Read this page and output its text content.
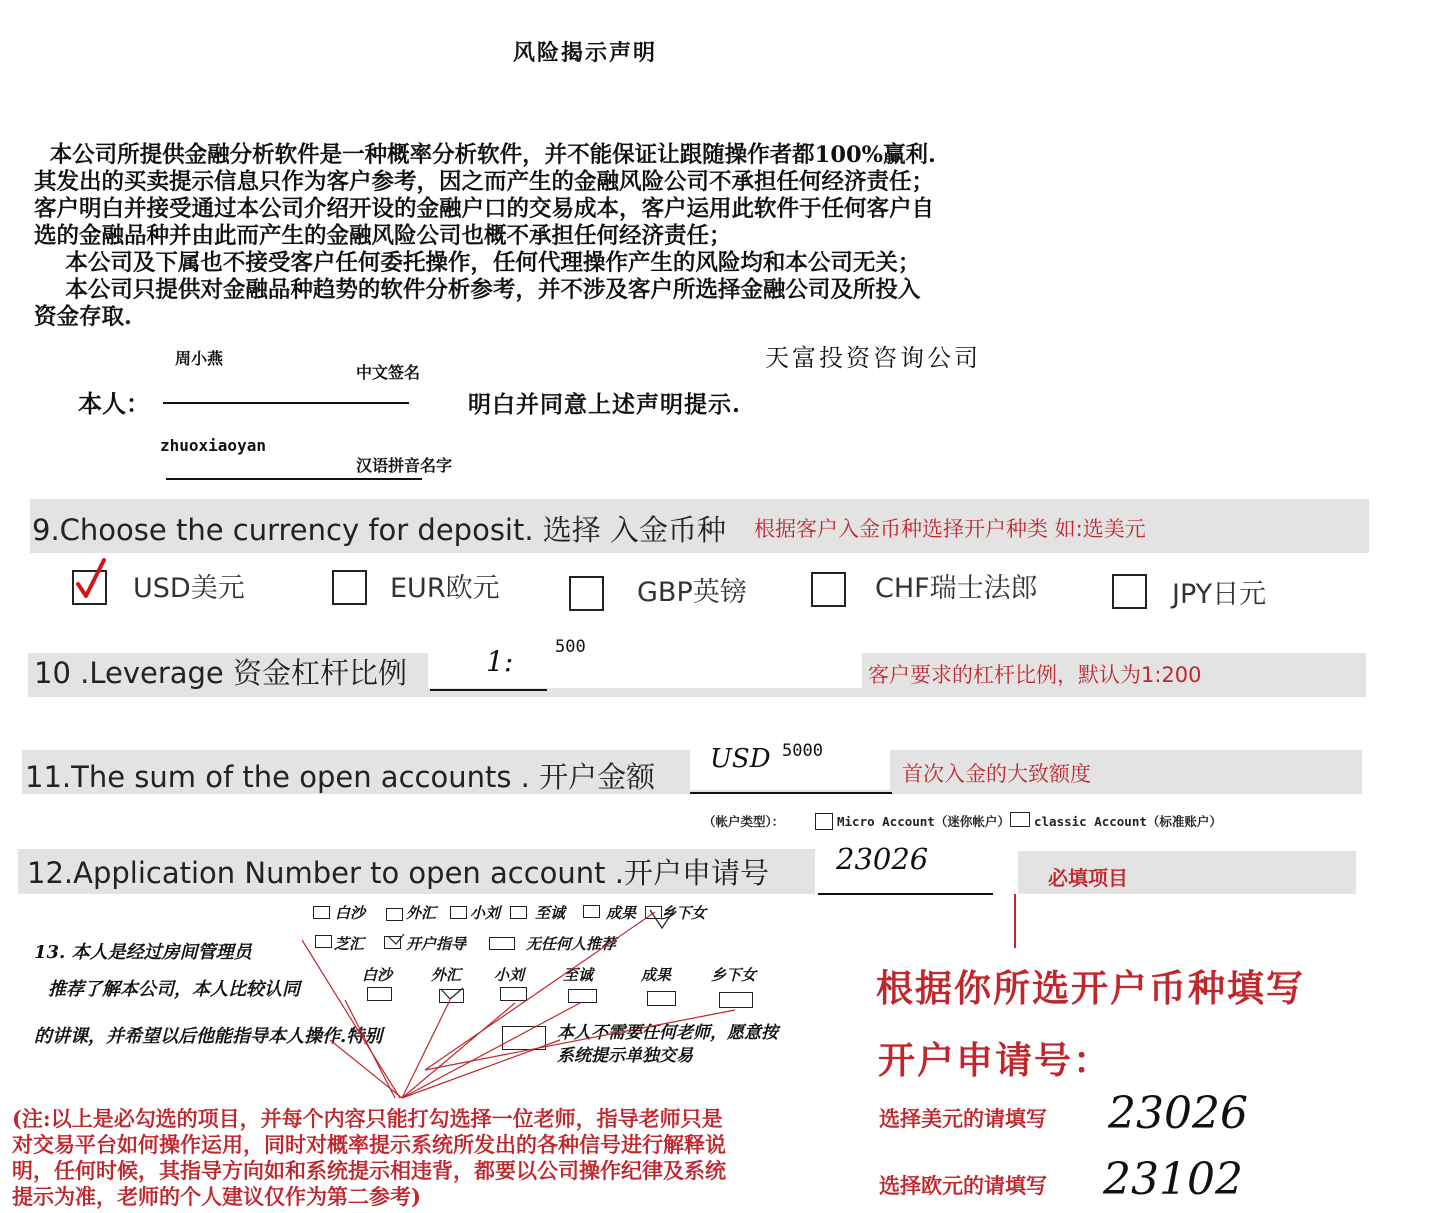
风险揭示声明
本公司所提供金融分析软件是一种概率分析软件，并不能保证让跟随操作者都100%赢利.
其发出的买卖提示信息只作为客户参考，因之而产生的金融风险公司不承担任何经济责任；
客户明白并接受通过本公司介绍开设的金融户口的交易成本，客户运用此软件于任何客户自
选的金融品种并由此而产生的金融风险公司也概不承担任何经济责任；
本公司及下属也不接受客户任何委托操作，任何代理操作产生的风险均和本公司无关；
本公司只提供对金融品种趋势的软件分析参考，并不涉及客户所选择金融公司及所投入
资金存取.
周小燕
中文签名
天富投资咨询公司
本人：	明白并同意上述声明提示.
zhuoxiaoyan
汉语拼音名字
9.Choose the currency for deposit. 选择 入金币种 根据客户入金币种选择开户种类 如:选美元
USD美元	EUR欧元	GBP英镑	CHF瑞士法郎	JPY日元
10 .Leverage 资金杠杆比例	1: 500
客户要求的杠杆比例，默认为1:200
11.The sum of the open accounts . 开户金额
USD 5000
首次入金的大致额度
（帐户类型）：	Micro Account（迷你帐户） classic Account（标准账户）
12.Application Number to open account .开户申请号 23026
必填项目
13. 本人是经过房间管理员
推荐了解本公司，本人比较认同
的讲课，并希望以后他能指导本人操作.特别
白沙	外汇 小刘 至诚	成果 乡下女
芝汇	开户指导	无任何人推荐
白沙	外汇 小刘	至诚	成果	乡下女
本人不需要任何老师，愿意按
系统提示单独交易
根据你所选开户币种填写
开户申请号：
选择美元的请填写 23026
选择欧元的请填写 23102
(注:以上是必勾选的项目，并每个内容只能打勾选择一位老师，指导老师只是
对交易平台如何操作运用，同时对概率提示系统所发出的各种信号进行解释说
明，任何时候，其指导方向如和系统提示相违背，都要以公司操作纪律及系统
提示为准，老师的个人建议仅作为第二参考)
